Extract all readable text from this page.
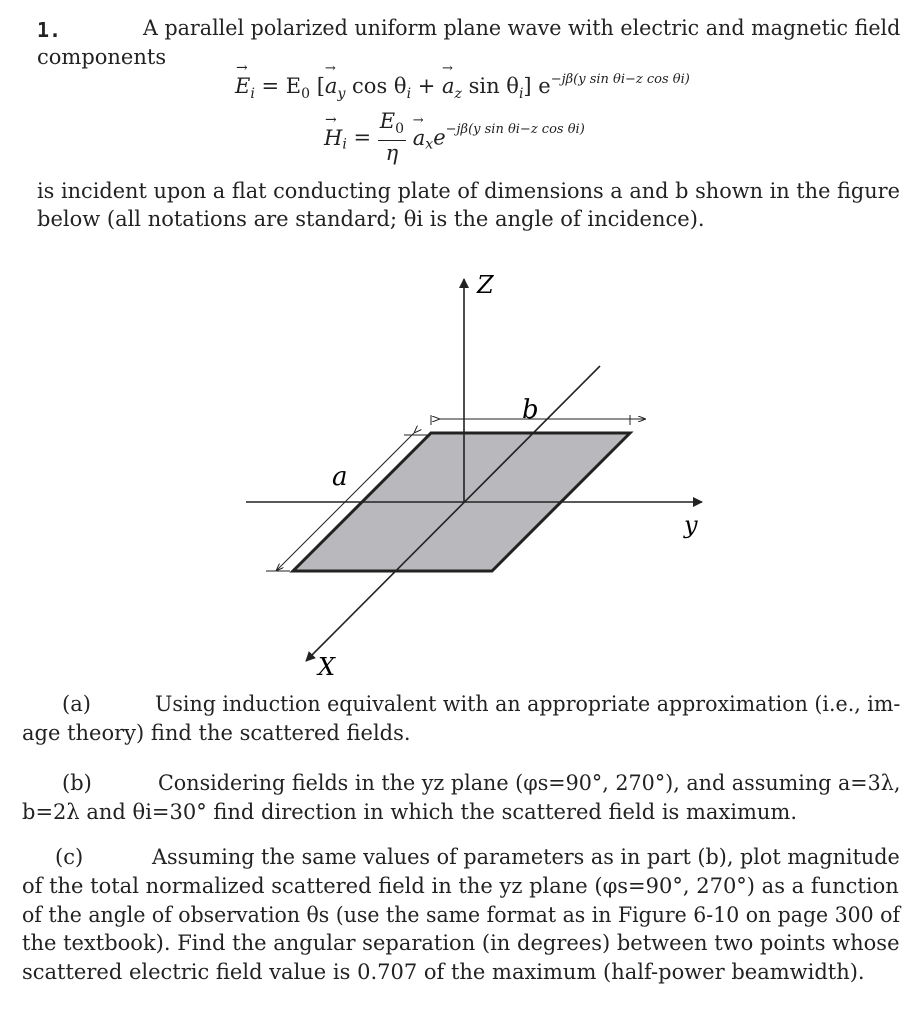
1.	A parallel polarized uniform plane wave with electric and magnetic field
components	→
$E_i = E_0$ [
→
$a_y$ $\cos \theta_i$ +
→
$a_z$ $\sin \theta_i$] $e^{-j\beta(y sin \theta i-z cos \theta i)}$
→
$H_i = \frac{E_0}{\eta}$
→
$a_xe^{-j\beta(y sin \theta i-z cos \theta i)}$
is incident upon a flat conducting plate of dimensions a and b shown in the figure
below (all notations are standard; θi is the angle of incidence).
Z
y
X
a
b
(a)	Using induction equivalent with an appropriate approximation (i.e., im-
age theory) find the scattered fields.
(b)	Considering fields in the yz plane (φs=90°, 270°), and assuming a=3λ,
b=2λ and θi=30° find direction in which the scattered field is maximum.
(c)	Assuming the same values of parameters as in part (b), plot magnitude
of the total normalized scattered field in the yz plane (φs=90°, 270°) as a function
of the angle of observation θs (use the same format as in Figure 6-10 on page 300 of
the textbook). Find the angular separation (in degrees) between two points whose
scattered electric field value is 0.707 of the maximum (half-power beamwidth).
